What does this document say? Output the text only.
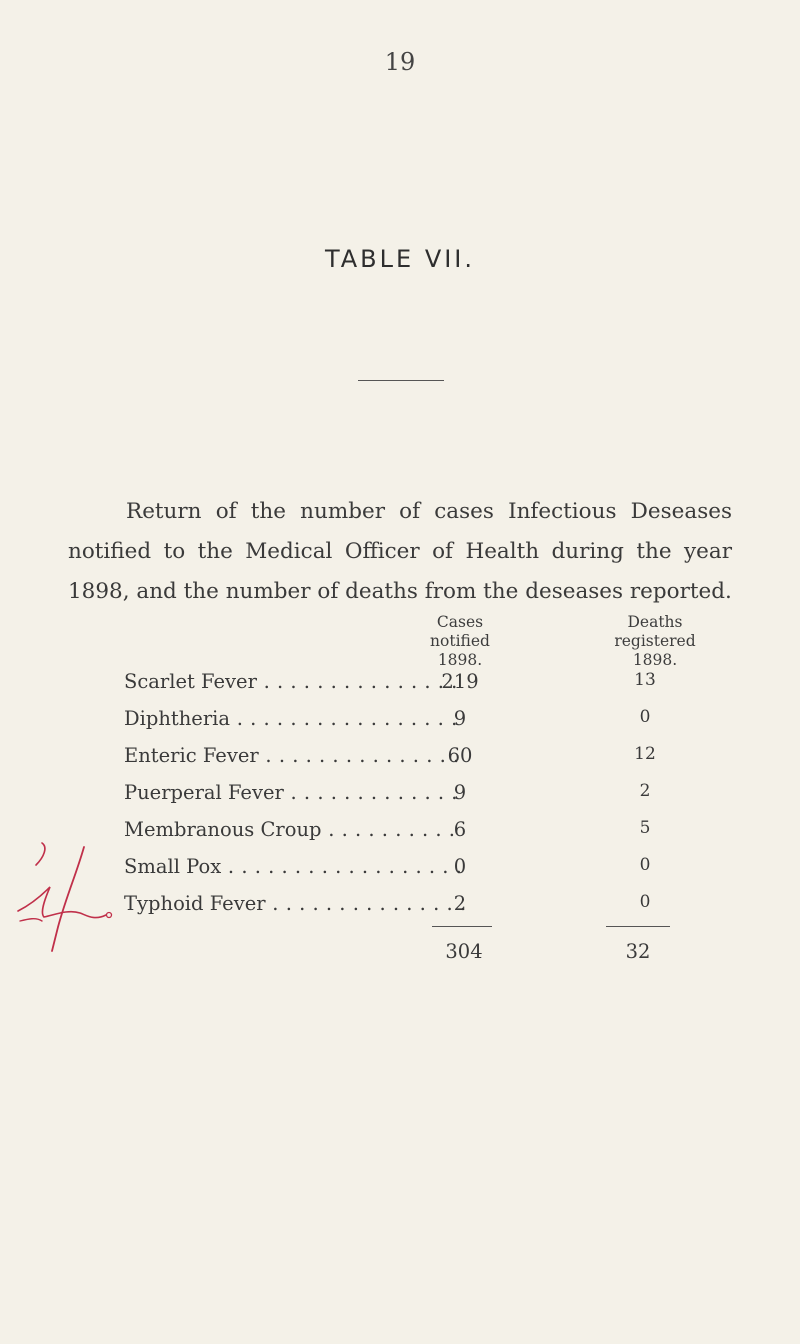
19
TABLE VII.
Return of the number of cases Infectious Deseases notified to the Medical Officer of Health during the year 1898, and the number of deaths from the deseases reported.
Cases
notified
1898.
Deaths
registered
1898.
Scarlet Fever . . .	219	13
Diphtheria . . .	9	0
Enteric Fever . . .	60	12
Puerperal Fever . . .	9	2
Membranous Croup . . .	6	5
Small Pox . . .	0	0
Typhoid Fever . . .	2	0
304	32
